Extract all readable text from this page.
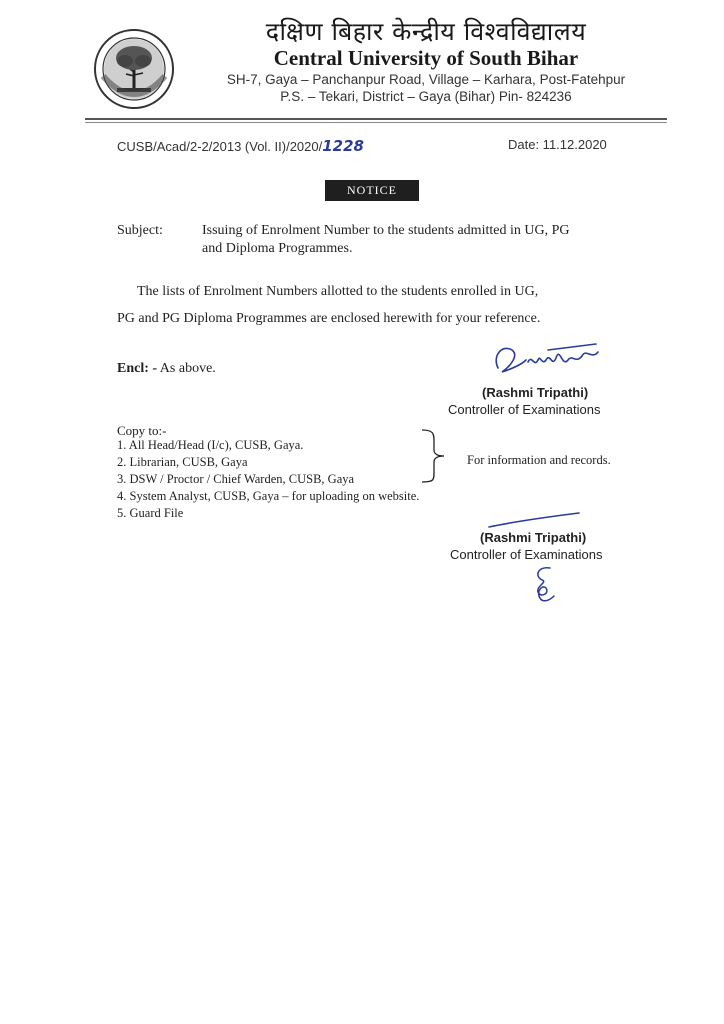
दक्षिण बिहार केन्द्रीय विश्वविद्यालय
Central University of South Bihar
SH-7, Gaya – Panchanpur Road, Village – Karhara, Post-Fatehpur
P.S. – Tekari, District – Gaya (Bihar) Pin- 824236
CUSB/Acad/2-2/2013 (Vol. II)/2020/1228	Date: 11.12.2020
NOTICE
Subject:	Issuing of Enrolment Number to the students admitted in UG, PG
and Diploma Programmes.
The lists of Enrolment Numbers allotted to the students enrolled in UG,
PG and PG Diploma Programmes are enclosed herewith for your reference.
Encl: - As above.
(Rashmi Tripathi)
Controller of Examinations
Copy to:-
1. All Head/Head (I/c), CUSB, Gaya.
2. Librarian, CUSB, Gaya
3. DSW / Proctor / Chief Warden, CUSB, Gaya
4. System Analyst, CUSB, Gaya – for uploading on website.
5. Guard File
For information and records.
(Rashmi Tripathi)
Controller of Examinations
